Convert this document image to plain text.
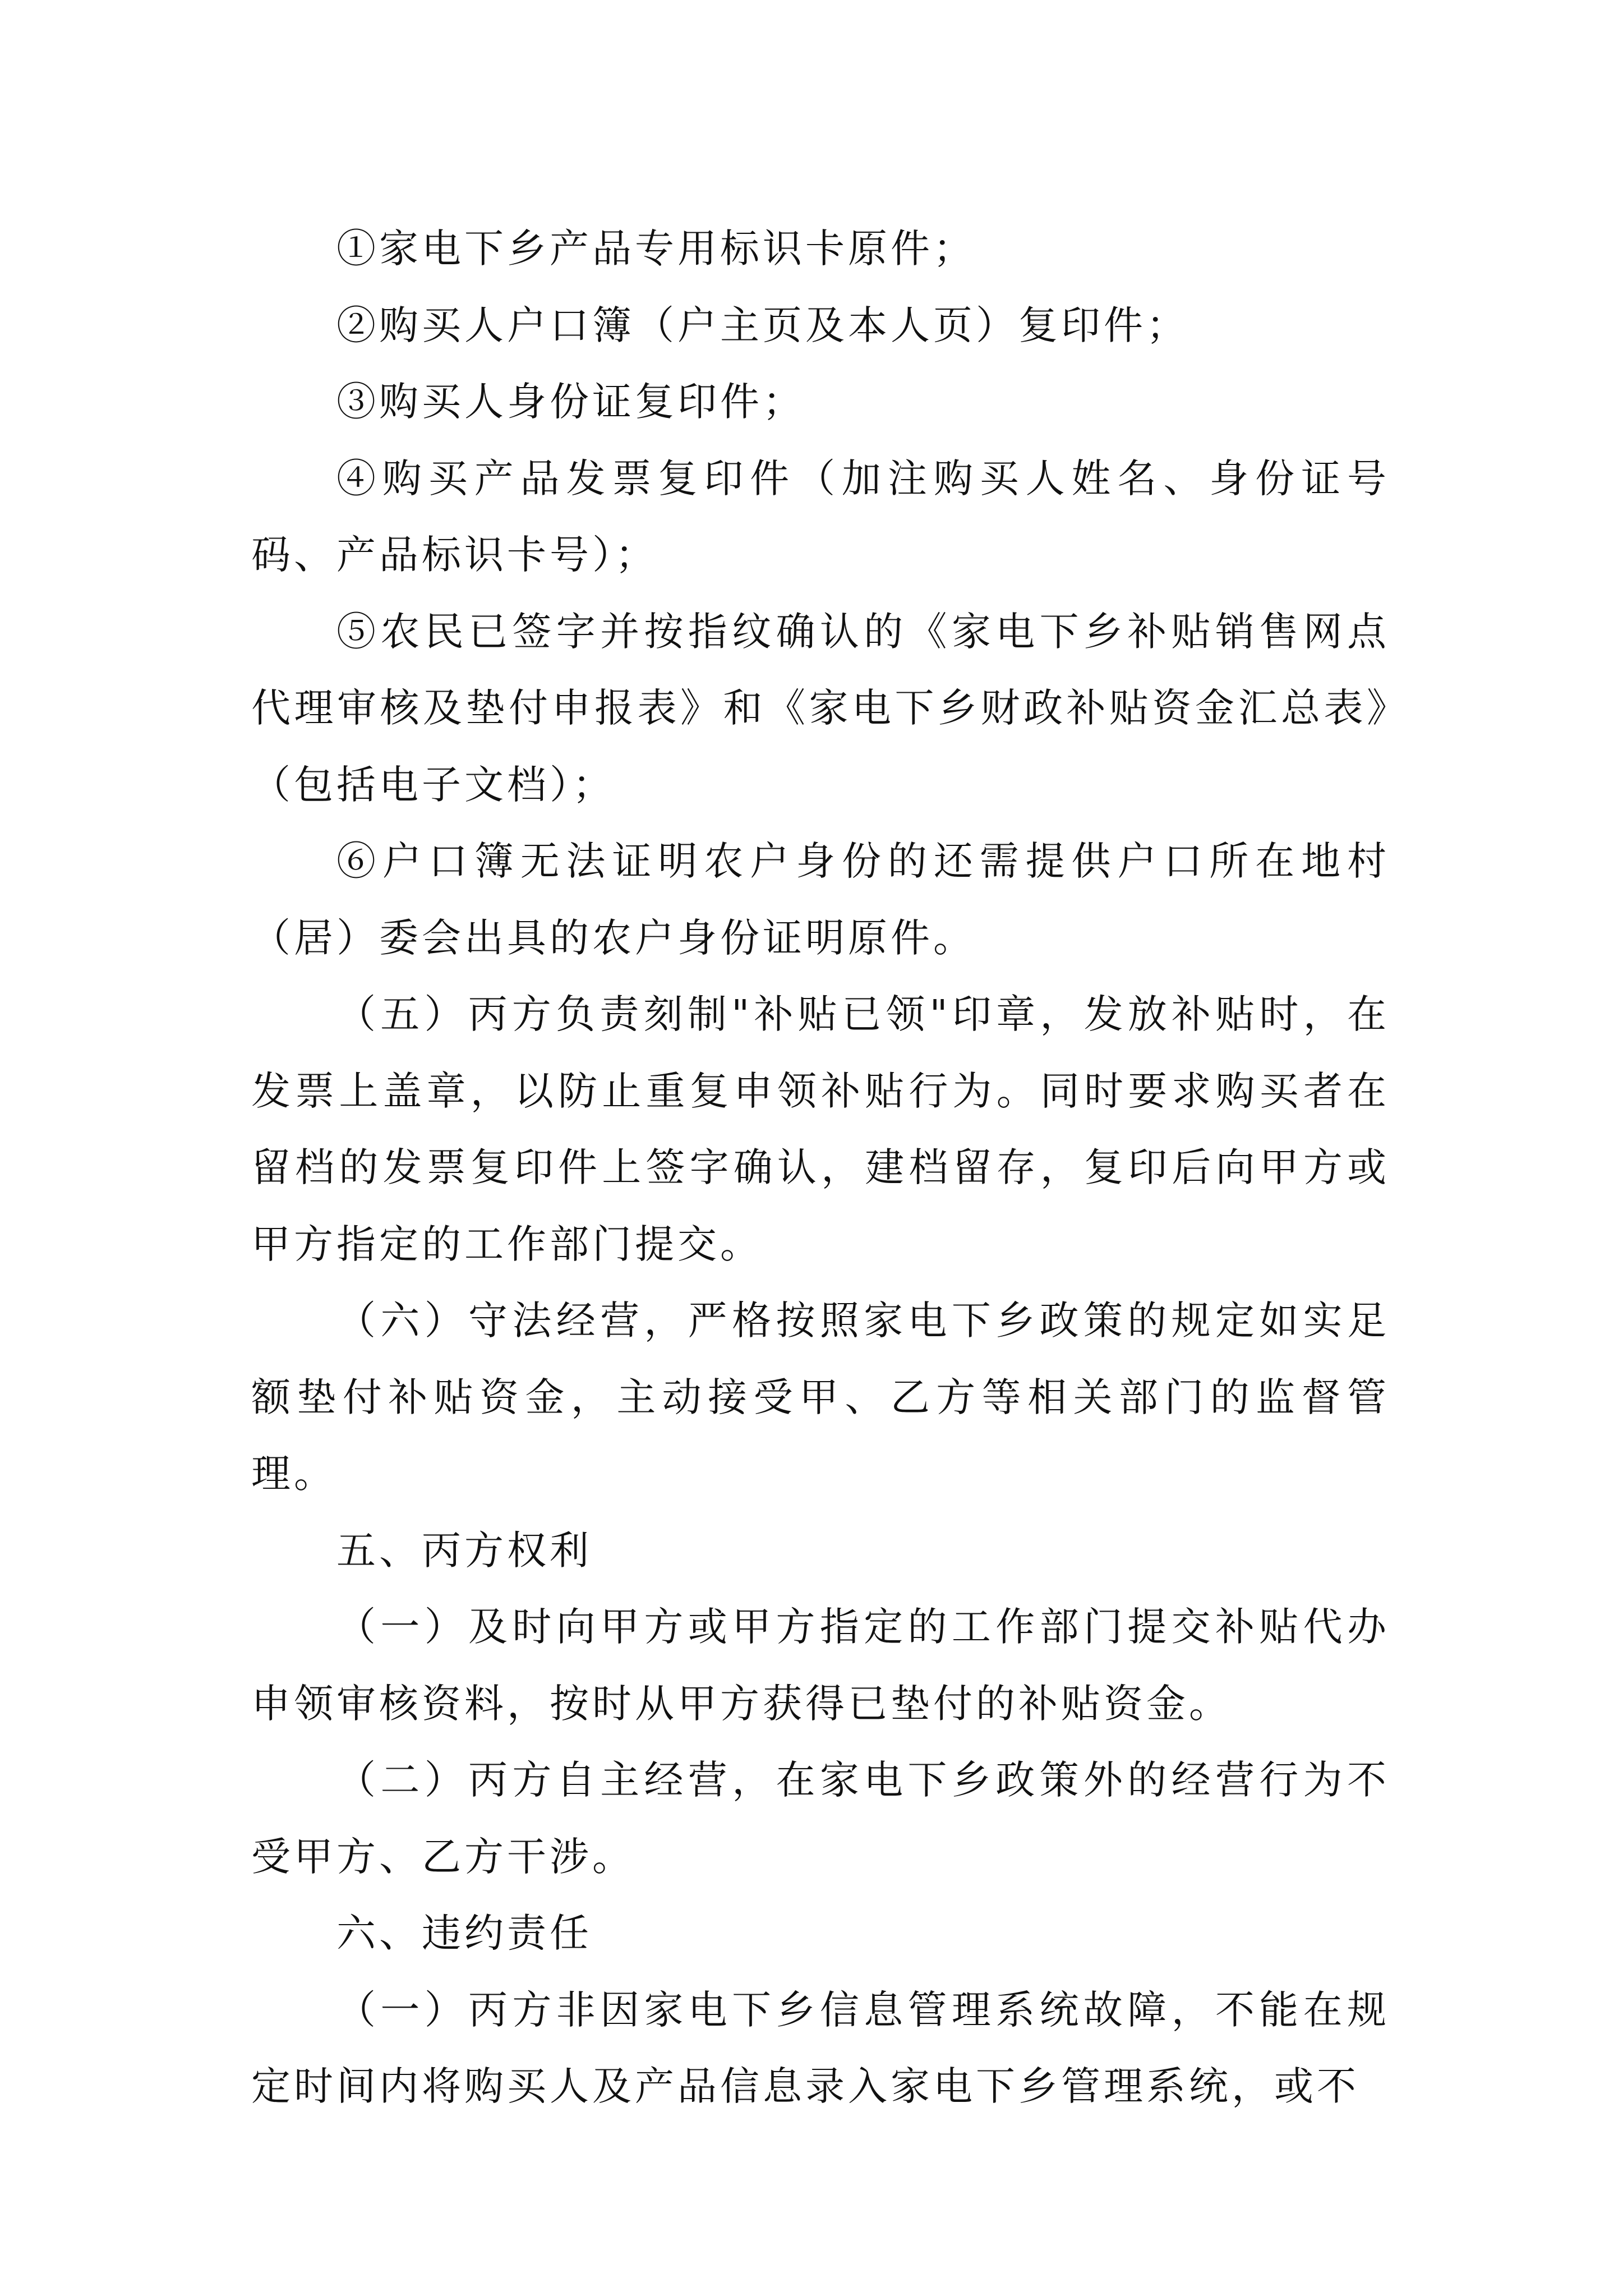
①家电下乡产品专用标识卡原件；

②购买人户口簿（户主页及本人页）复印件；

③购买人身份证复印件；

④购买产品发票复印件（加注购买人姓名、身份证号码、产品标识卡号）；

⑤农民已签字并按指纹确认的《家电下乡补贴销售网点代理审核及垫付申报表》和《家电下乡财政补贴资金汇总表》（包括电子文档）；

⑥户口簿无法证明农户身份的还需提供户口所在地村（居）委会出具的农户身份证明原件。

（五）丙方负责刻制"补贴已领"印章，发放补贴时，在发票上盖章，以防止重复申领补贴行为。同时要求购买者在留档的发票复印件上签字确认，建档留存，复印后向甲方或甲方指定的工作部门提交。

（六）守法经营，严格按照家电下乡政策的规定如实足额垫付补贴资金，主动接受甲、乙方等相关部门的监督管理。

五、丙方权利

（一）及时向甲方或甲方指定的工作部门提交补贴代办申领审核资料，按时从甲方获得已垫付的补贴资金。

（二）丙方自主经营，在家电下乡政策外的经营行为不受甲方、乙方干涉。

六、违约责任

（一）丙方非因家电下乡信息管理系统故障，不能在规定时间内将购买人及产品信息录入家电下乡管理系统，或不
